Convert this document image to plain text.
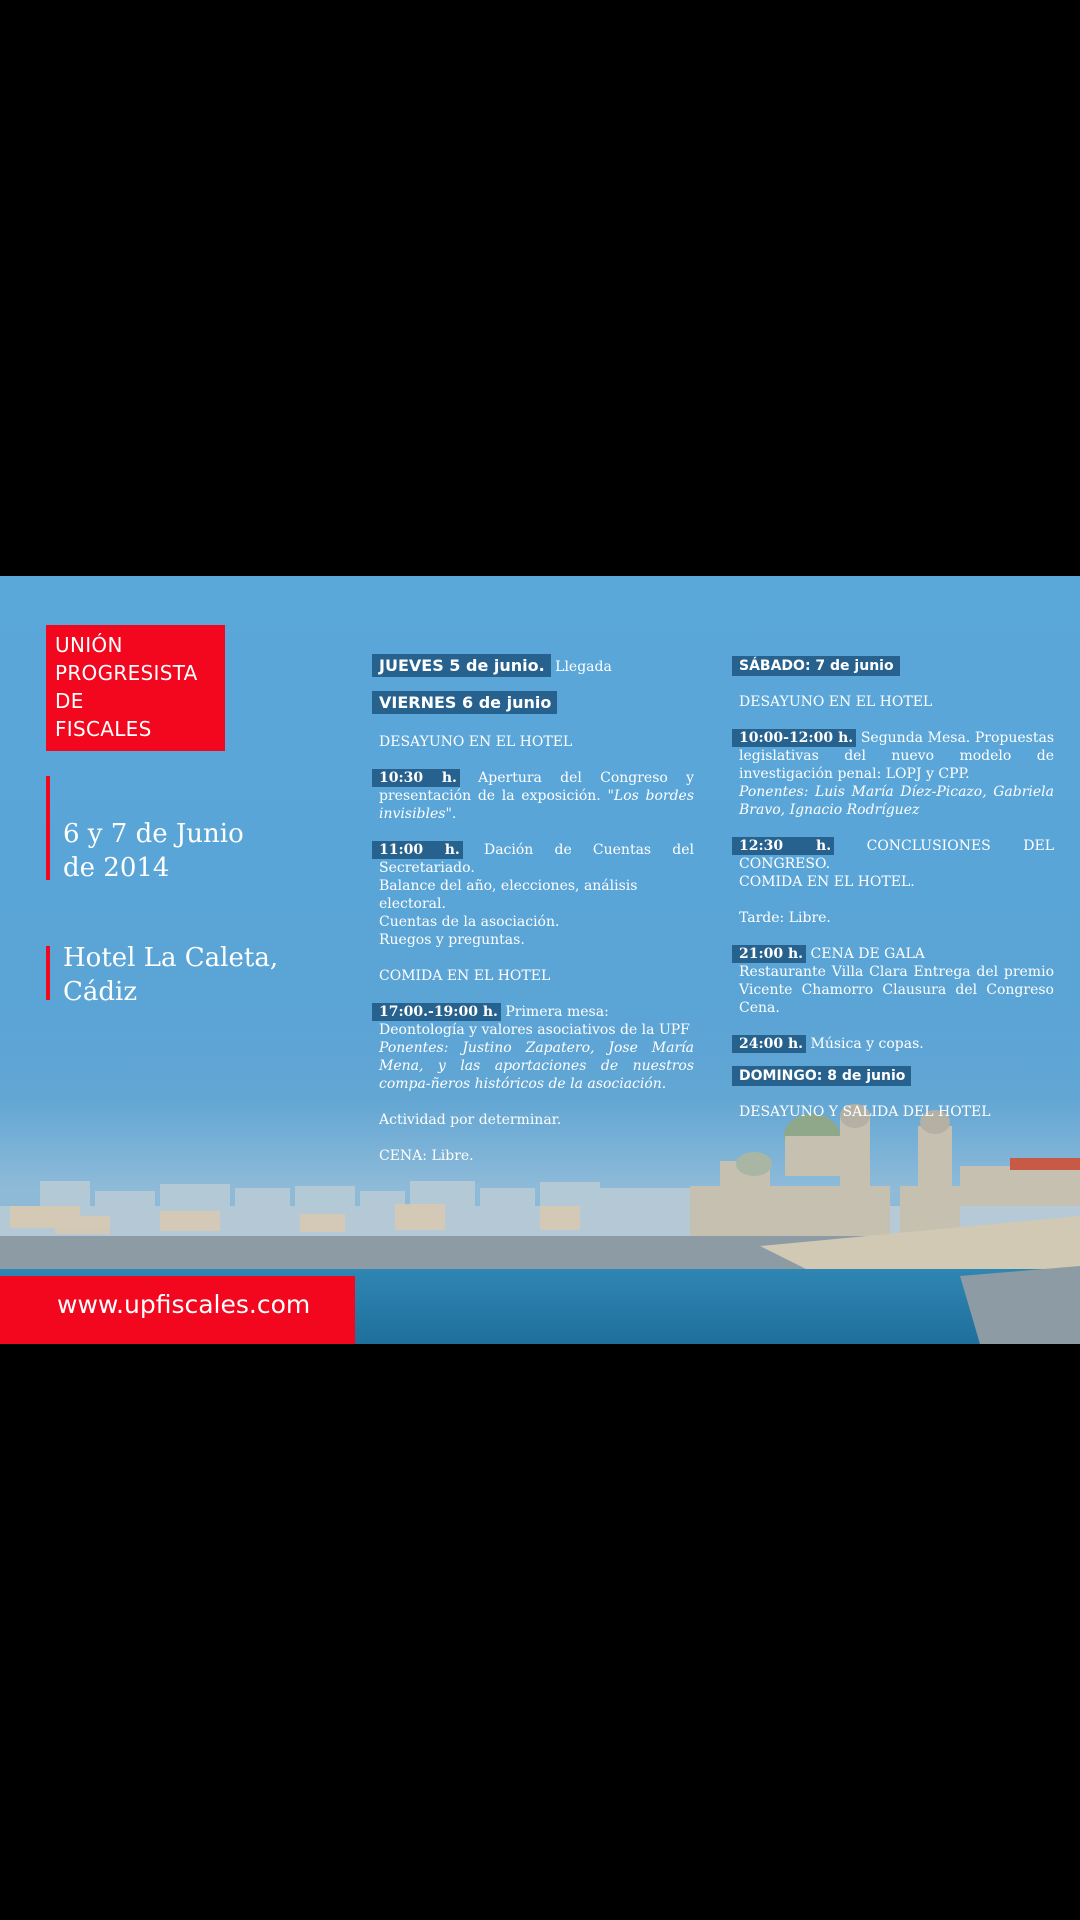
UNIÓN
PROGRESISTA
DE
FISCALES
6 y 7 de Junio
de 2014
Hotel La Caleta,
Cádiz

JUEVES 5 de junio. Llegada

VIERNES 6 de junio

DESAYUNO EN EL HOTEL

10:30 h. Apertura del Congreso y presentación de la exposición. "Los bordes invisibles".

11:00 h. Dación de Cuentas del Secretariado.

Balance del año, elecciones, análisis electoral.

Cuentas de la asociación.

Ruegos y preguntas.

COMIDA EN EL HOTEL

17:00.-19:00 h. Primera mesa:

Deontología y valores asociativos de la UPF

Ponentes: Justino Zapatero, Jose María Mena, y las aportaciones de nuestros compa-ñeros históricos de la asociación.

Actividad por determinar.

CENA: Libre.

SÁBADO: 7 de junio

DESAYUNO EN EL HOTEL

10:00-12:00 h. Segunda Mesa. Propuestas legislativas del nuevo modelo de investigación penal: LOPJ y CPP.

Ponentes: Luis María Díez-Picazo, Gabriela Bravo, Ignacio Rodríguez

12:30 h.	CONCLUSIONES DEL CONGRESO.

COMIDA EN EL HOTEL.

Tarde: Libre.

21:00 h. CENA DE GALA

Restaurante Villa Clara Entrega del premio Vicente Chamorro Clausura del Congreso Cena.

24:00 h. Música y copas.

DOMINGO: 8 de junio

DESAYUNO Y SALIDA DEL HOTEL

www.upfiscales.com
